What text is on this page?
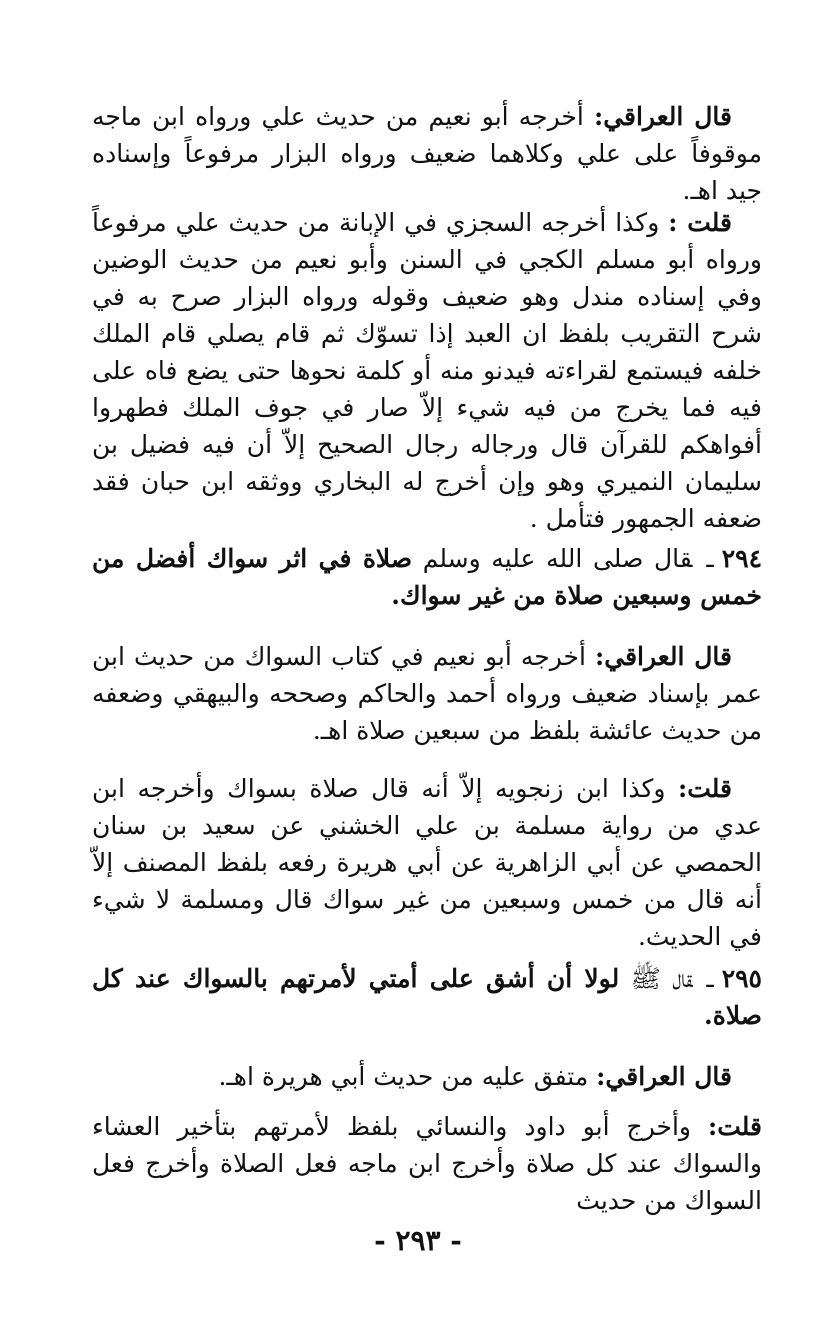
قال العراقي: أخرجه أبو نعيم من حديث علي ورواه ابن ماجه موقوفاً على علي وكلاهما ضعيف ورواه البزار مرفوعاً وإسناده جيد اهـ.

قلت : وكذا أخرجه السجزي في الإبانة من حديث علي مرفوعاً ورواه أبو مسلم الكجي في السنن وأبو نعيم من حديث الوضين وفي إسناده مندل وهو ضعيف وقوله ورواه البزار صرح به في شرح التقريب بلفظ ان العبد إذا تسوّك ثم قام يصلي قام الملك خلفه فيستمع لقراءته فيدنو منه أو كلمة نحوها حتى يضع فاه على فيه فما يخرج من فيه شيء إلاّ صار في جوف الملك فطهروا أفواهكم للقرآن قال ورجاله رجال الصحيح إلاّ أن فيه فضيل بن سليمان النميري وهو وإن أخرج له البخاري ووثقه ابن حبان فقد ضعفه الجمهور فتأمل .

٢٩٤ـقال صلى الله عليه وسلم صلاة في اثر سواك أفضل من خمس وسبعين صلاة من غير سواك.

قال العراقي: أخرجه أبو نعيم في كتاب السواك من حديث ابن عمر بإسناد ضعيف ورواه أحمد والحاكم وصححه والبيهقي وضعفه من حديث عائشة بلفظ من سبعين صلاة اهـ.

قلت: وكذا ابن زنجويه إلاّ أنه قال صلاة بسواك وأخرجه ابن عدي من رواية مسلمة بن علي الخشني عن سعيد بن سنان الحمصي عن أبي الزاهرية عن أبي هريرة رفعه بلفظ المصنف إلاّ أنه قال من خمس وسبعين من غير سواك قال ومسلمة لا شيء في الحديث.

٢٩٥ـقال ﷺ لولا أن أشق على أمتي لأمرتهم بالسواك عند كل صلاة.

قال العراقي: متفق عليه من حديث أبي هريرة اهـ.

قلت: وأخرج أبو داود والنسائي بلفظ لأمرتهم بتأخير العشاء والسواك عند كل صلاة وأخرج ابن ماجه فعل الصلاة وأخرج فعل السواك من حديث

- ٢٩٣ -
